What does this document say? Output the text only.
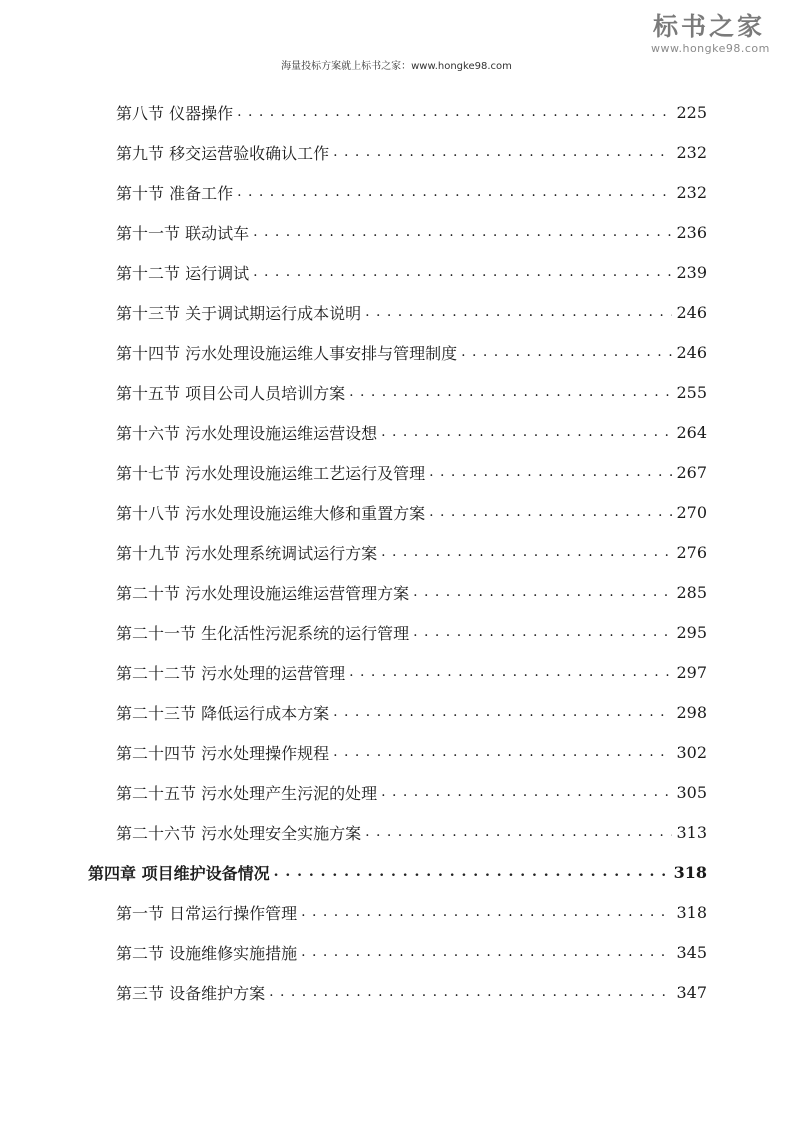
标书之家
www.hongke98.com
海量投标方案就上标书之家：www.hongke98.com
第八节 仪器操作 . . .	225
第九节 移交运营验收确认工作 . . .	232
第十节 准备工作 . . .	232
第十一节 联动试车 . . .	236
第十二节 运行调试 . . .	239
第十三节 关于调试期运行成本说明 . . .	246
第十四节 污水处理设施运维人事安排与管理制度 . . .	246
第十五节 项目公司人员培训方案 . . .	255
第十六节 污水处理设施运维运营设想 . . .	264
第十七节 污水处理设施运维工艺运行及管理 . . .	267
第十八节 污水处理设施运维大修和重置方案 . . .	270
第十九节 污水处理系统调试运行方案 . . .	276
第二十节 污水处理设施运维运营管理方案 . . .	285
第二十一节 生化活性污泥系统的运行管理 . . .	295
第二十二节 污水处理的运营管理 . . .	297
第二十三节 降低运行成本方案 . . .	298
第二十四节 污水处理操作规程 . . .	302
第二十五节 污水处理产生污泥的处理 . . .	305
第二十六节 污水处理安全实施方案 . . .	313
第四章 项目维护设备情况 . . .	318
第一节 日常运行操作管理 . . .	318
第二节 设施维修实施措施 . . .	345
第三节 设备维护方案 . . .	347
